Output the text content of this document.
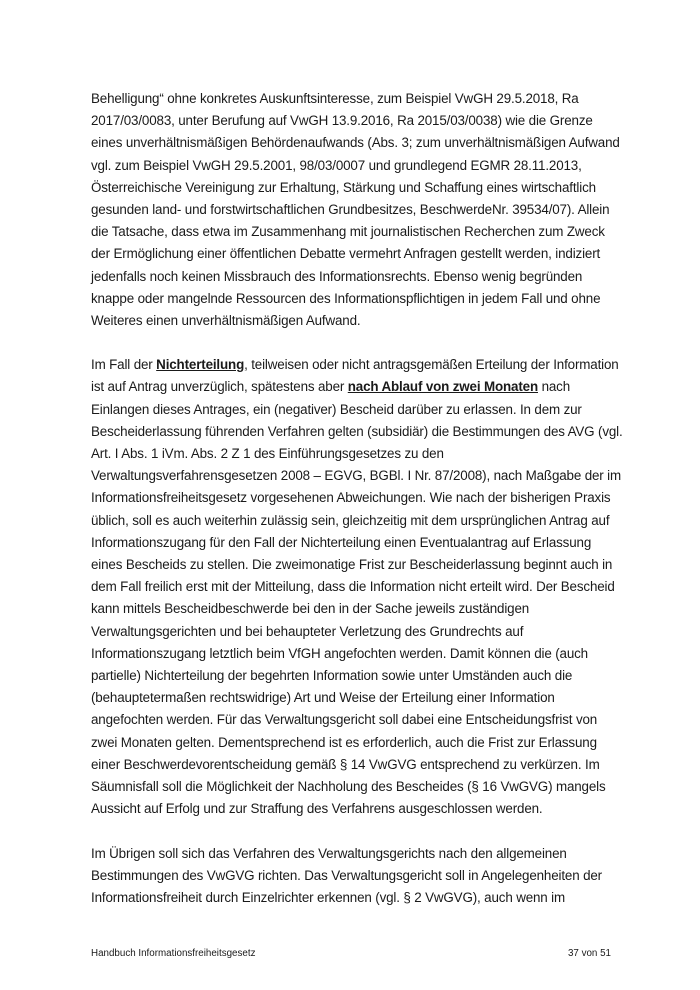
Behelligung“ ohne konkretes Auskunftsinteresse, zum Beispiel VwGH 29.5.2018, Ra 2017/03/0083, unter Berufung auf VwGH 13.9.2016, Ra 2015/03/0038) wie die Grenze eines unverhältnismäßigen Behördenaufwands (Abs. 3; zum unverhältnismäßigen Aufwand vgl. zum Beispiel VwGH 29.5.2001, 98/03/0007 und grundlegend EGMR 28.11.2013, Österreichische Vereinigung zur Erhaltung, Stärkung und Schaffung eines wirtschaftlich gesunden land- und forstwirtschaftlichen Grundbesitzes, BeschwerdeNr. 39534/07). Allein die Tatsache, dass etwa im Zusammenhang mit journalistischen Recherchen zum Zweck der Ermöglichung einer öffentlichen Debatte vermehrt Anfragen gestellt werden, indiziert jedenfalls noch keinen Missbrauch des Informationsrechts. Ebenso wenig begründen knappe oder mangelnde Ressourcen des Informationspflichtigen in jedem Fall und ohne Weiteres einen unverhältnismäßigen Aufwand.

Im Fall der Nichterteilung, teilweisen oder nicht antragsgemäßen Erteilung der Information ist auf Antrag unverzüglich, spätestens aber nach Ablauf von zwei Monaten nach Einlangen dieses Antrages, ein (negativer) Bescheid darüber zu erlassen. In dem zur Bescheiderlassung führenden Verfahren gelten (subsidiär) die Bestimmungen des AVG (vgl. Art. I Abs. 1 iVm. Abs. 2 Z 1 des Einführungsgesetzes zu den Verwaltungsverfahrensgesetzen 2008 – EGVG, BGBl. I Nr. 87/2008), nach Maßgabe der im Informationsfreiheitsgesetz vorgesehenen Abweichungen. Wie nach der bisherigen Praxis üblich, soll es auch weiterhin zulässig sein, gleichzeitig mit dem ursprünglichen Antrag auf Informationszugang für den Fall der Nichterteilung einen Eventualantrag auf Erlassung eines Bescheids zu stellen. Die zweimonatige Frist zur Bescheiderlassung beginnt auch in dem Fall freilich erst mit der Mitteilung, dass die Information nicht erteilt wird. Der Bescheid kann mittels Bescheidbeschwerde bei den in der Sache jeweils zuständigen Verwaltungsgerichten und bei behaupteter Verletzung des Grundrechts auf Informationszugang letztlich beim VfGH angefochten werden. Damit können die (auch partielle) Nichterteilung der begehrten Information sowie unter Umständen auch die (behauptetermaßen rechtswidrige) Art und Weise der Erteilung einer Information angefochten werden. Für das Verwaltungsgericht soll dabei eine Entscheidungsfrist von zwei Monaten gelten. Dementsprechend ist es erforderlich, auch die Frist zur Erlassung einer Beschwerdevorentscheidung gemäß § 14 VwGVG entsprechend zu verkürzen. Im Säumnisfall soll die Möglichkeit der Nachholung des Bescheides (§ 16 VwGVG) mangels Aussicht auf Erfolg und zur Straffung des Verfahrens ausgeschlossen werden.

Im Übrigen soll sich das Verfahren des Verwaltungsgerichts nach den allgemeinen Bestimmungen des VwGVG richten. Das Verwaltungsgericht soll in Angelegenheiten der Informationsfreiheit durch Einzelrichter erkennen (vgl. § 2 VwGVG), auch wenn im

Handbuch Informationsfreiheitsgesetz	37 von 51
